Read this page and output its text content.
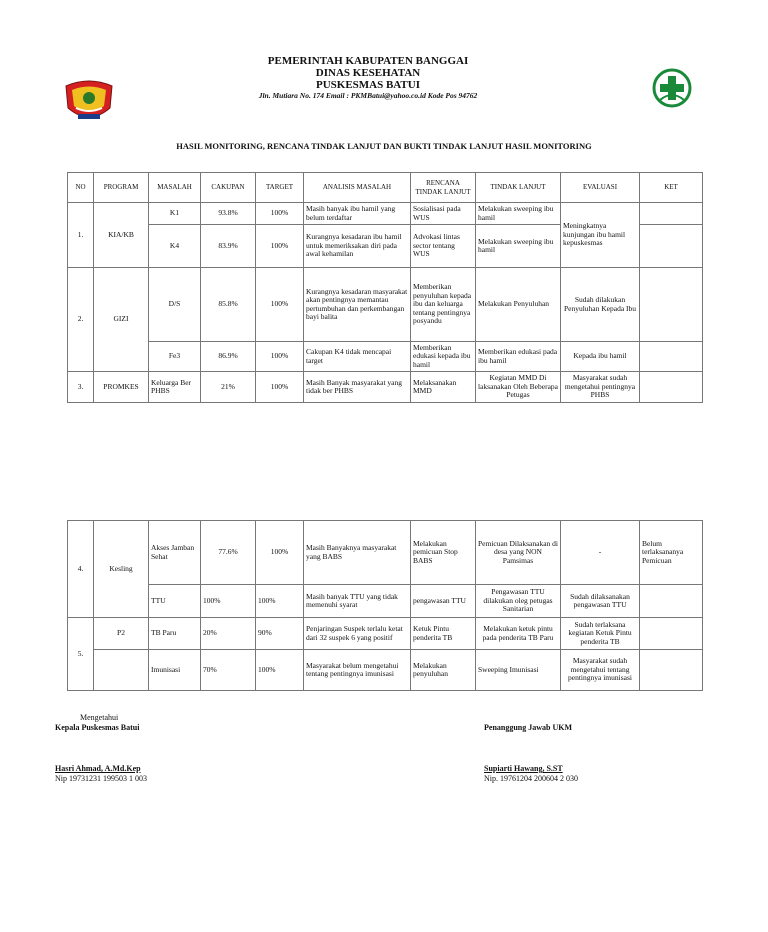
PEMERINTAH KABUPATEN BANGGAI
DINAS KESEHATAN
PUSKESMAS BATUI
Jln. Mutiara No. 174 Email : PKMBatui@yahoo.co.id Kode Pos 94762
HASIL MONITORING, RENCANA TINDAK LANJUT DAN BUKTI TINDAK LANJUT HASIL MONITORING
NO	PROGRAM	MASALAH	CAKUPAN	TARGET	ANALISIS MASALAH	RENCANA TINDAK LANJUT	TINDAK LANJUT	EVALUASI	KET
1.	KIA/KB	K1	93.8%	100%	Masih banyak ibu hamil yang belum terdaftar	Sosialisasi pada WUS	Melakukan sweeping ibu hamil	Meningkatnya kunjungan ibu hamil kepuskesmas	
		K4	83.9%	100%	Kurangnya kesadaran ibu hamil untuk memeriksakan diri pada awal kehamilan	Advokasi lintas sector tentang WUS	Melakukan sweeping ibu hamil		
2.	GIZI	D/S	85.8%	100%	Kurangnya kesadaran masyarakat akan pentingnya memantau pertumbuhan dan perkembangan bayi balita	Memberikan penyuluhan kepada ibu dan keluarga tentang pentingnya posyandu	Melakukan Penyuluhan	Sudah dilakukan Penyuluhan Kepada Ibu	
		Fe3	86.9%	100%	Cakupan K4 tidak mencapai target	Memberikan edukasi kepada ibu hamil	Memberikan edukasi pada ibu hamil	Kepada ibu hamil	
3.	PROMKES	Keluarga Ber PHBS	21%	100%	Masih Banyak masyarakat yang tidak ber PHBS	Melaksanakan MMD	Kegiatan MMD Di laksanakan Oleh Beberapa Petugas	Masyarakat sudah mengetahui pentingnya PHBS	
4.	Kesling	Akses Jamban Sehat	77.6%	100%	Masih Banyaknya masyarakat yang BABS	Melakukan pemicuan Stop BABS	Pemicuan Dilaksanakan di desa yang NON Pamsimas	-	Belum terlaksananya Pemicuan
		TTU	100%	100%	Masih banyak TTU yang tidak memenuhi syarat	pengawasan TTU	Pengawasan TTU dilakukan oleg petugas Sanitarian	Sudah dilaksanakan pengawasan TTU	
5.	P2	TB Paru	20%	90%	Penjaringan Suspek terlalu ketat dari 32 suspek 6 yang positif	Ketuk Pintu penderita TB	Melakukan ketuk pintu pada penderita TB Paru	Sudah terlaksana kegiatan Ketuk Pintu penderita TB	
		Imunisasi	70%	100%	Masyarakat belum mengetahui tentang pentingnya imunisasi	Melakukan penyuluhan	Sweeping Imunisasi	Masyarakat sudah mengetahui tentang pentingnya imunisasi	
Mengetahui
Kepala Puskesmas Batui
Hasri Ahmad, A.Md.Kep
Nip 19731231 199503 1 003
Penanggung Jawab UKM
Supiarti Hawang, S.ST
Nip. 19761204 200604 2 030
